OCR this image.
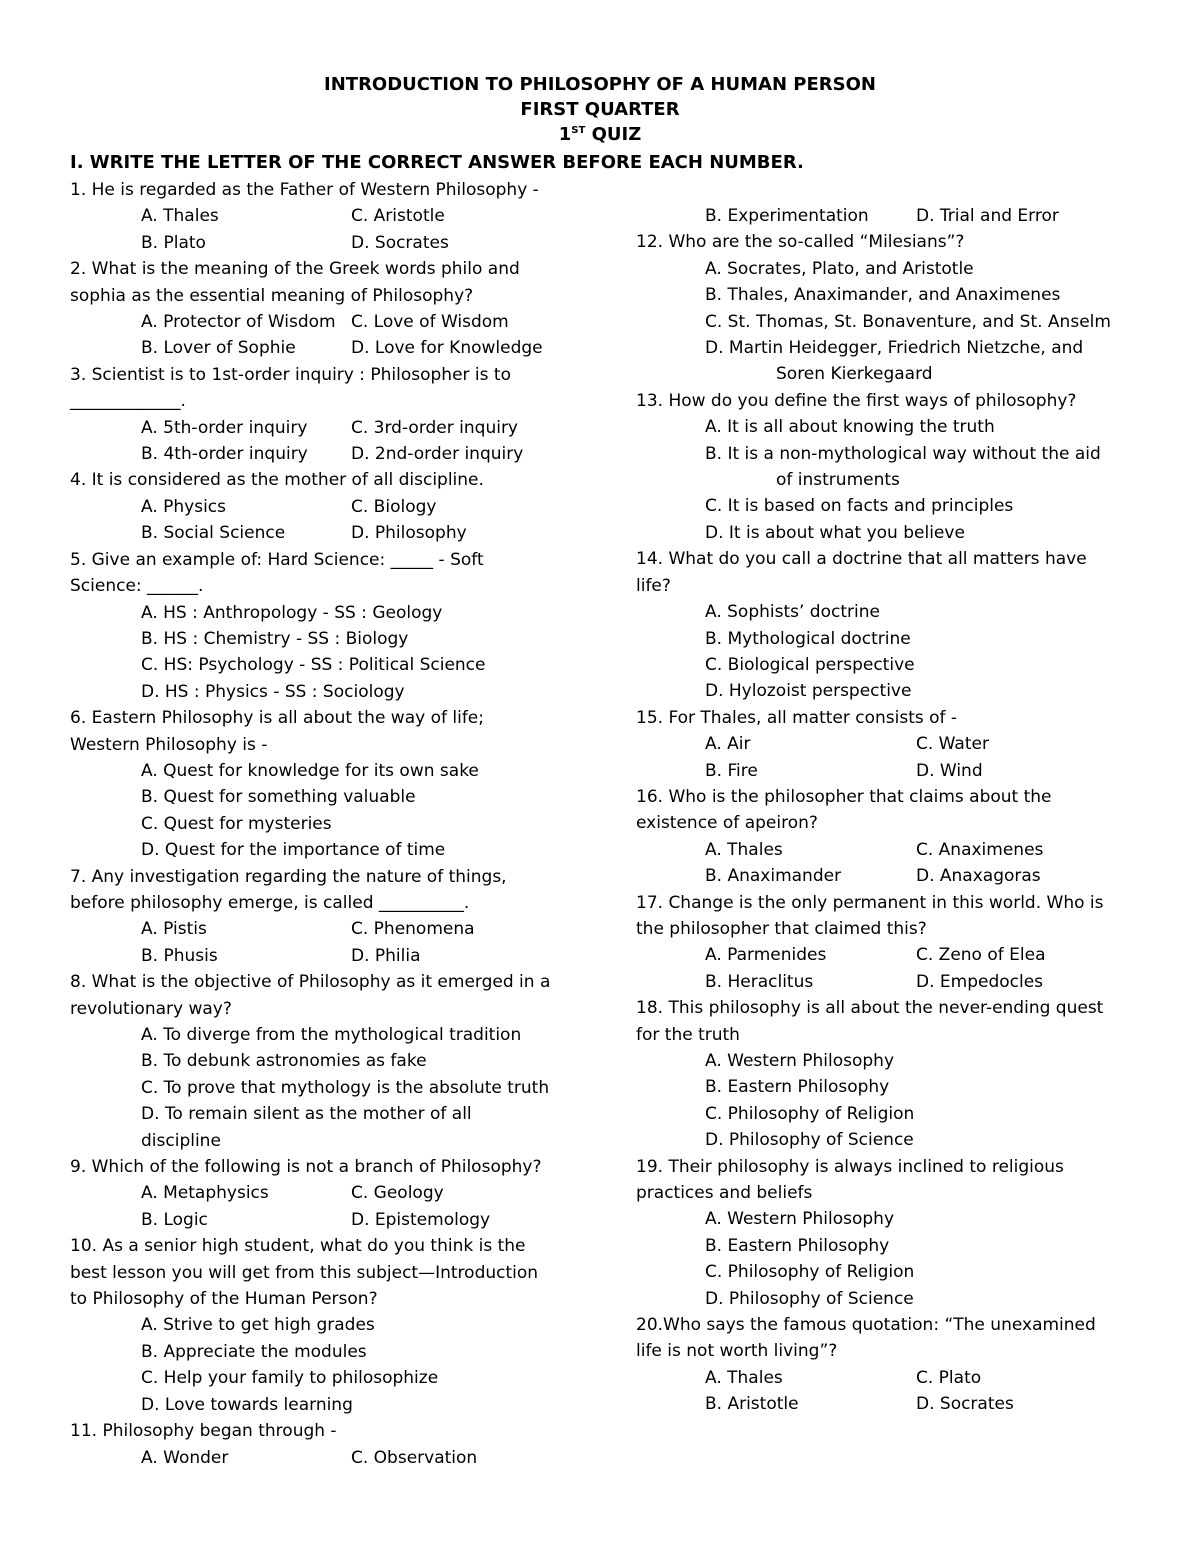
INTRODUCTION TO PHILOSOPHY OF A HUMAN PERSON
FIRST QUARTER
1ST QUIZ
I. WRITE THE LETTER OF THE CORRECT ANSWER BEFORE EACH NUMBER.
1. He is regarded as the Father of Western Philosophy -
A. Thales	C. Aristotle
B. Plato	D. Socrates
2. What is the meaning of the Greek words philo and
sophia as the essential meaning of Philosophy?
A. Protector of Wisdom C. Love of Wisdom
B. Lover of Sophie	D. Love for Knowledge
3. Scientist is to 1st-order inquiry : Philosopher is to
_____________.
A. 5th-order inquiry	C. 3rd-order inquiry
B. 4th-order inquiry	D. 2nd-order inquiry
4. It is considered as the mother of all discipline.
A. Physics	C. Biology
B. Social Science	D. Philosophy
5. Give an example of: Hard Science: _____ - Soft
Science: ______.
A. HS : Anthropology - SS : Geology
B. HS : Chemistry - SS : Biology
C. HS: Psychology - SS : Political Science
D. HS : Physics - SS : Sociology
6. Eastern Philosophy is all about the way of life;
Western Philosophy is -
A. Quest for knowledge for its own sake
B. Quest for something valuable
C. Quest for mysteries
D. Quest for the importance of time
7. Any investigation regarding the nature of things,
before philosophy emerge, is called __________.
A. Pistis	C. Phenomena
B. Phusis	D. Philia
8. What is the objective of Philosophy as it emerged in a
revolutionary way?
A. To diverge from the mythological tradition
B. To debunk astronomies as fake
C. To prove that mythology is the absolute truth
D. To remain silent as the mother of all discipline
9. Which of the following is not a branch of Philosophy?
A. Metaphysics	C. Geology
B. Logic	D. Epistemology
10. As a senior high student, what do you think is the
best lesson you will get from this subject—Introduction
to Philosophy of the Human Person?
A. Strive to get high grades
B. Appreciate the modules
C. Help your family to philosophize
D. Love towards learning
11. Philosophy began through -
A. Wonder	C. Observation
B. Experimentation	D. Trial and Error
12. Who are the so-called “Milesians”?
A. Socrates, Plato, and Aristotle
B. Thales, Anaximander, and Anaximenes
C. St. Thomas, St. Bonaventure, and St. Anselm
D. Martin Heidegger, Friedrich Nietzche, and
Soren Kierkegaard
13. How do you define the first ways of philosophy?
A. It is all about knowing the truth
B. It is a non-mythological way without the aid
of instruments
C. It is based on facts and principles
D. It is about what you believe
14. What do you call a doctrine that all matters have
life?
A. Sophists’ doctrine
B. Mythological doctrine
C. Biological perspective
D. Hylozoist perspective
15. For Thales, all matter consists of -
A. Air	C. Water
B. Fire	D. Wind
16. Who is the philosopher that claims about the
existence of apeiron?
A. Thales	C. Anaximenes
B. Anaximander	D. Anaxagoras
17. Change is the only permanent in this world. Who is
the philosopher that claimed this?
A. Parmenides	C. Zeno of Elea
B. Heraclitus	D. Empedocles
18. This philosophy is all about the never-ending quest
for the truth
A. Western Philosophy
B. Eastern Philosophy
C. Philosophy of Religion
D. Philosophy of Science
19. Their philosophy is always inclined to religious
practices and beliefs
A. Western Philosophy
B. Eastern Philosophy
C. Philosophy of Religion
D. Philosophy of Science
20.Who says the famous quotation: “The unexamined
life is not worth living”?
A. Thales	C. Plato
B. Aristotle	D. Socrates
